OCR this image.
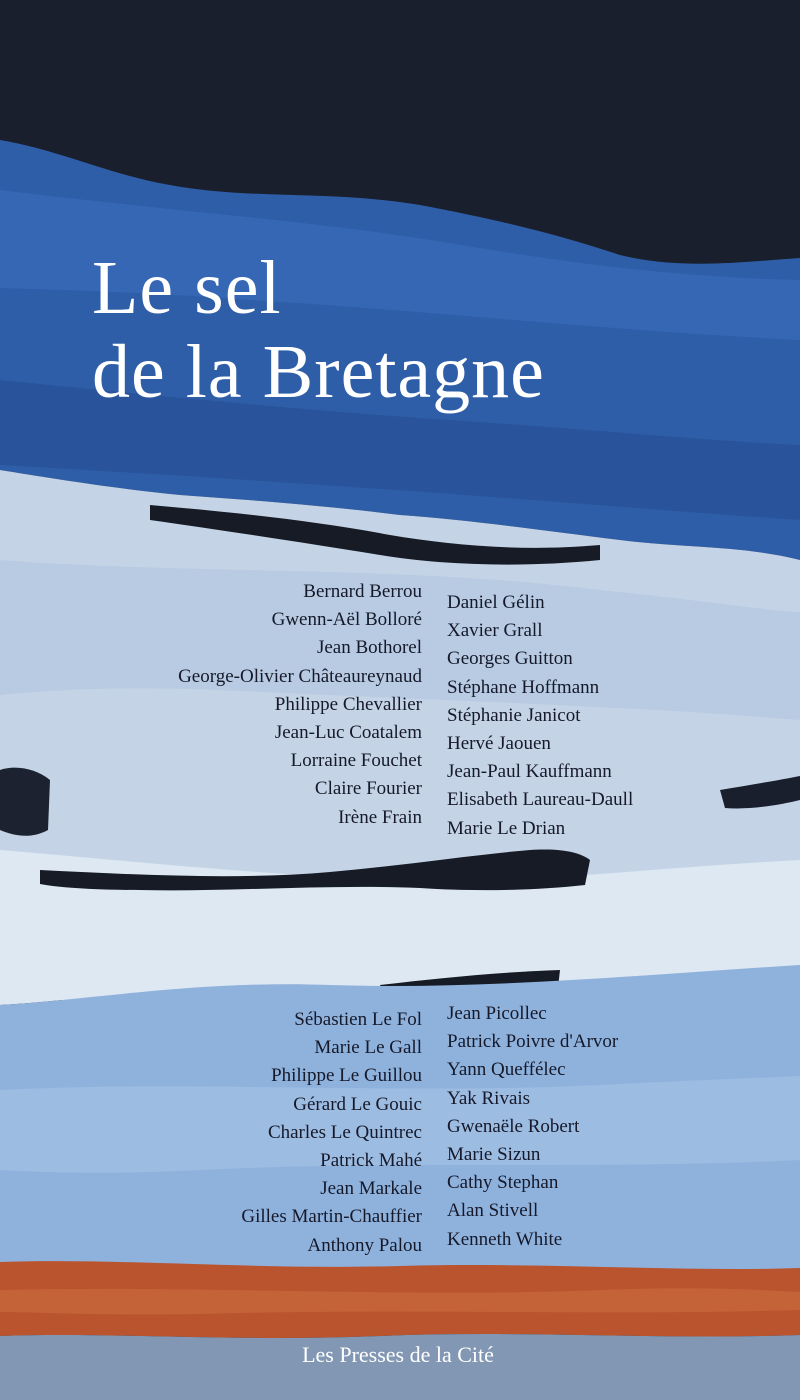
Le sel
de la Bretagne
Bernard Berrou
Gwenn-Aël Bolloré
Jean Bothorel
George-Olivier Châteaureynaud
Philippe Chevallier
Jean-Luc Coatalem
Lorraine Fouchet
Claire Fourier
Irène Frain
Daniel Gélin
Xavier Grall
Georges Guitton
Stéphane Hoffmann
Stéphanie Janicot
Hervé Jaouen
Jean-Paul Kauffmann
Elisabeth Laureau-Daull
Marie Le Drian
Sébastien Le Fol
Marie Le Gall
Philippe Le Guillou
Gérard Le Gouic
Charles Le Quintrec
Patrick Mahé
Jean Markale
Gilles Martin-Chauffier
Anthony Palou
Jean Picollec
Patrick Poivre d'Arvor
Yann Queffélec
Yak Rivais
Gwenaële Robert
Marie Sizun
Cathy Stephan
Alan Stivell
Kenneth White
Les Presses de la Cité
